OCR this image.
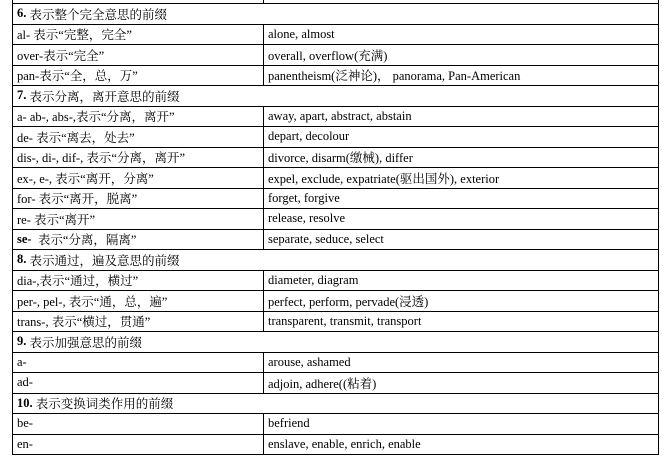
6.
表示整个完全意思的前缀
al- 表示“完整，完全”	alone, almost
over-表示“完全”	overall, overflow(充满)
pan-表示“全，总，万”	panentheism(泛神论)， panorama, Pan-American
7.
表示分离，离开意思的前缀
a- ab-, abs-,表示“分离，离开”	away, apart, abstract, abstain
de- 表示“离去，处去”	depart, decolour
dis-, di-, dif-, 表示“分离，离开”	divorce, disarm(缴械), differ
ex-, e-, 表示“离开，分离”	expel, exclude, expatriate(驱出国外), exterior
for- 表示“离开，脱离”	forget, forgive
re- 表示“离开”	release, resolve
se- 表示“分离，隔离”	separate, seduce, select
8.
表示通过，遍及意思的前缀
dia-,表示“通过，横过”	diameter, diagram
per-, pel-, 表示“通，总，遍”	perfect, perform, pervade(浸透)
trans-, 表示“横过，贯通”	transparent, transmit, transport
9.
表示加强意思的前缀
a-	arouse, ashamed
ad-	adjoin, adhere((粘着)
10.
表示变换词类作用的前缀
be-	befriend
en-	enslave, enable, enrich, enable
